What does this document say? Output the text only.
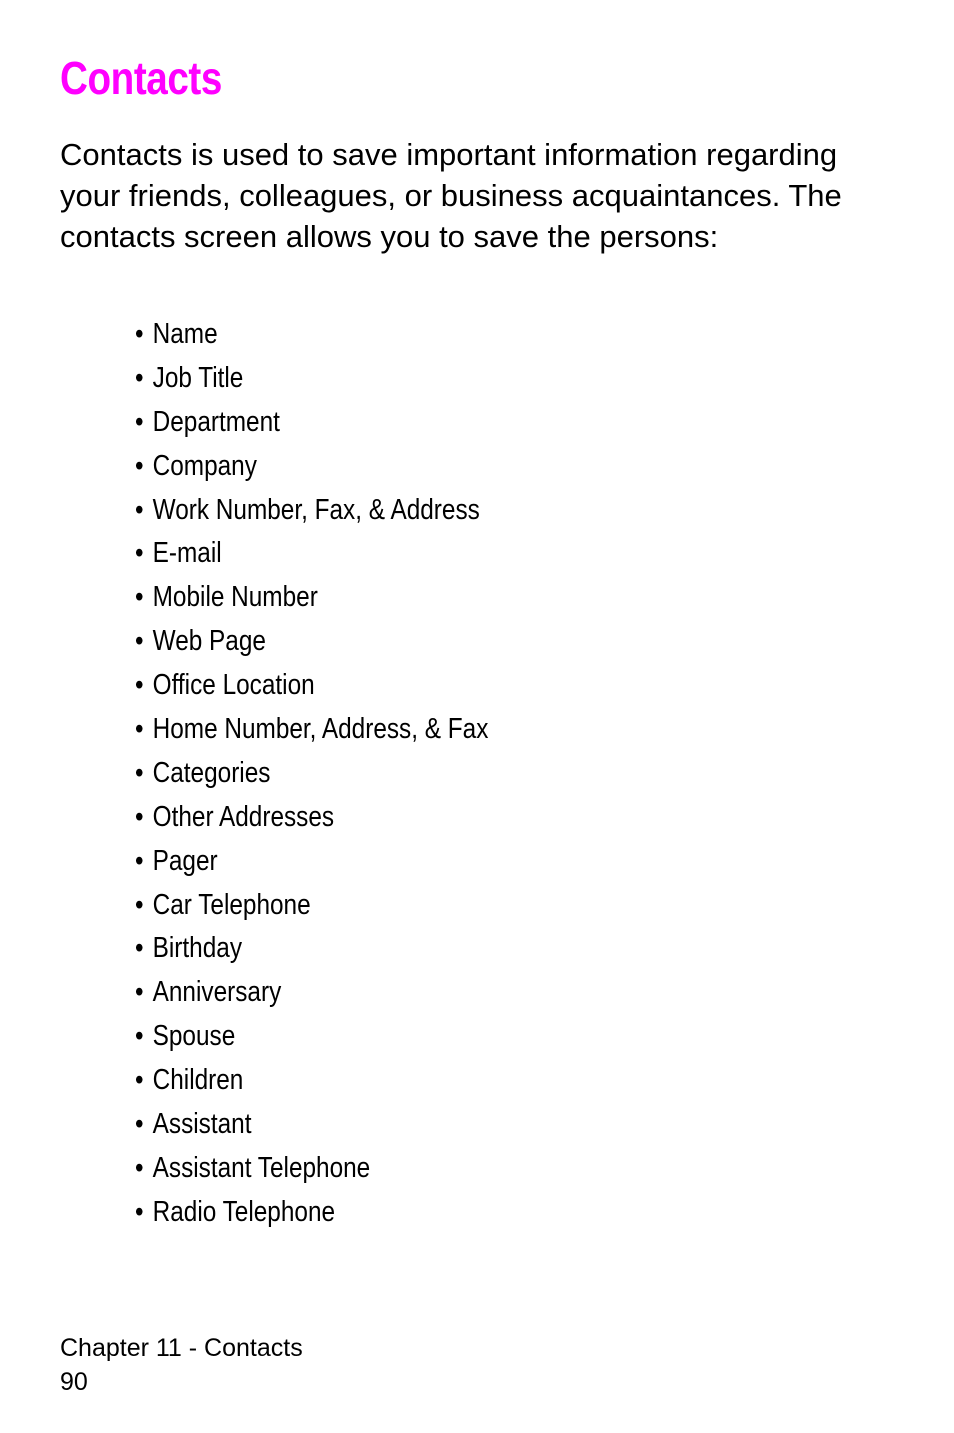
Contacts

Contacts is used to save important information regarding your friends, colleagues, or business acquaintances. The contacts screen allows you to save the persons:

• Name
• Job Title
• Department
• Company
• Work Number, Fax, & Address
• E-mail
• Mobile Number
• Web Page
• Office Location
• Home Number, Address, & Fax
• Categories
• Other Addresses
• Pager
• Car Telephone
• Birthday
• Anniversary
• Spouse
• Children
• Assistant
• Assistant Telephone
• Radio Telephone
Chapter 11 - Contacts
90
